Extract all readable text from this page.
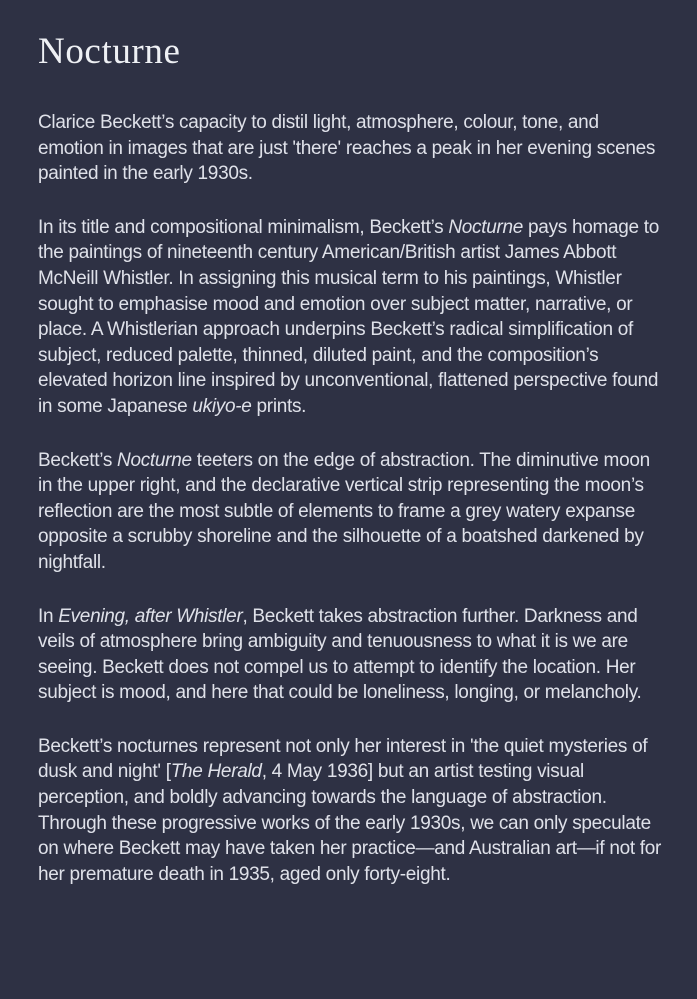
Nocturne

Clarice Beckett’s capacity to distil light, atmosphere, colour, tone, and emotion in images that are just 'there' reaches a peak in her evening scenes painted in the early 1930s.

In its title and compositional minimalism, Beckett’s Nocturne pays homage to the paintings of nineteenth century American/British artist James Abbott McNeill Whistler. In assigning this musical term to his paintings, Whistler sought to emphasise mood and emotion over subject matter, narrative, or place. A Whistlerian approach underpins Beckett’s radical simplification of subject, reduced palette, thinned, diluted paint, and the composition’s elevated horizon line inspired by unconventional, flattened perspective found in some Japanese ukiyo-e prints.

Beckett’s Nocturne teeters on the edge of abstraction. The diminutive moon in the upper right, and the declarative vertical strip representing the moon’s reflection are the most subtle of elements to frame a grey watery expanse opposite a scrubby shoreline and the silhouette of a boatshed darkened by nightfall.

In Evening, after Whistler, Beckett takes abstraction further. Darkness and veils of atmosphere bring ambiguity and tenuousness to what it is we are seeing. Beckett does not compel us to attempt to identify the location. Her subject is mood, and here that could be loneliness, longing, or melancholy.

Beckett’s nocturnes represent not only her interest in 'the quiet mysteries of dusk and night' [The Herald, 4 May 1936] but an artist testing visual perception, and boldly advancing towards the language of abstraction. Through these progressive works of the early 1930s, we can only speculate on where Beckett may have taken her practice—and Australian art—if not for her premature death in 1935, aged only forty-eight.
